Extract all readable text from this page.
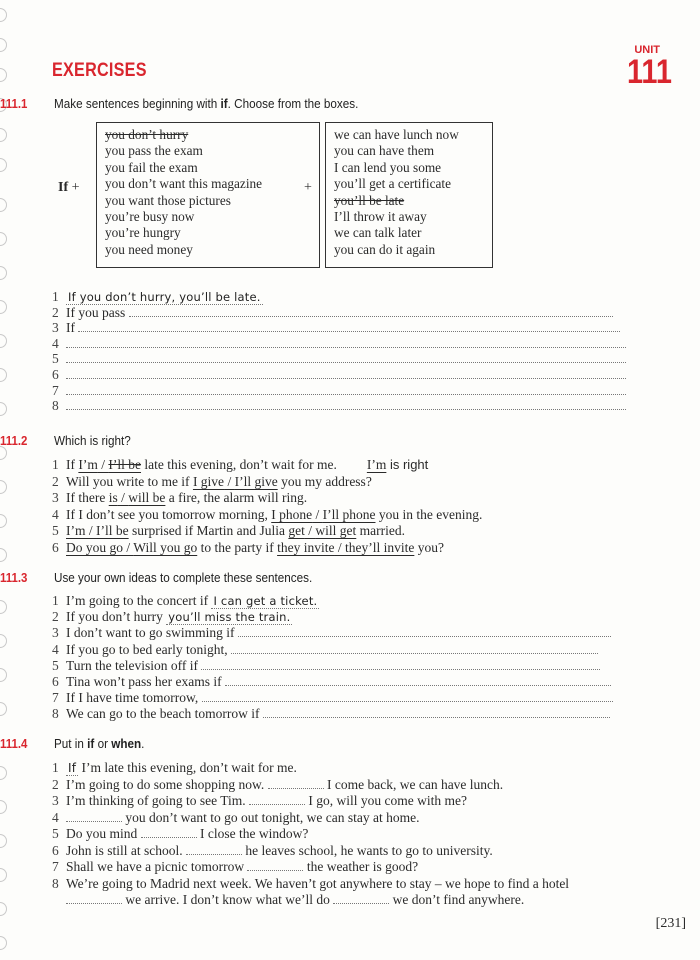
EXERCISES
UNIT
111
111.1 Make sentences beginning with if. Choose from the boxes.
If +
you don’t hurry
you pass the exam
you fail the exam
you don’t want this magazine
you want those pictures
you’re busy now
you’re hungry
you need money
+
we can have lunch now
you can have them
I can lend you some
you’ll get a certificate
you’ll be late
I’ll throw it away
we can talk later
you can do it again
1 If you don’t hurry, you’ll be late.
2 If you pass
3 If
4
5
6
7
8
111.2 Which is right?
1 If I’m / I’ll be late this evening, don’t wait for me. I’m is right
2 Will you write to me if I give / I’ll give you my address?
3 If there is / will be a fire, the alarm will ring.
4 If I don’t see you tomorrow morning, I phone / I’ll phone you in the evening.
5 I’m / I’ll be surprised if Martin and Julia get / will get married.
6 Do you go / Will you go to the party if they invite / they’ll invite you?
111.3 Use your own ideas to complete these sentences.
1 I’m going to the concert if I can get a ticket.
2 If you don’t hurry you’ll miss the train.
3 I don’t want to go swimming if
4 If you go to bed early tonight,
5 Turn the television off if
6 Tina won’t pass her exams if
7 If I have time tomorrow,
8 We can go to the beach tomorrow if
111.4 Put in if or when.
1 If I’m late this evening, don’t wait for me.
2 I’m going to do some shopping now.	I come back, we can have lunch.
3 I’m thinking of going to see Tim.	I go, will you come with me?
4	you don’t want to go out tonight, we can stay at home.
5 Do you mind	I close the window?
6 John is still at school.	he leaves school, he wants to go to university.
7 Shall we have a picnic tomorrow	the weather is good?
8 We’re going to Madrid next week. We haven’t got anywhere to stay – we hope to find a hotel
we arrive. I don’t know what we’ll do	we don’t find anywhere.
[231]
